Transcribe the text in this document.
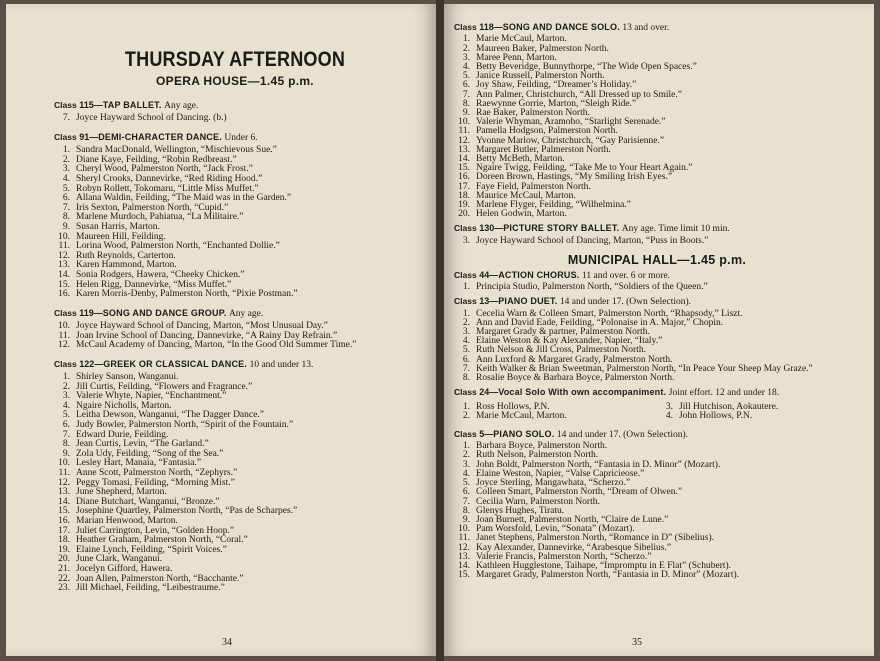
THURSDAY AFTERNOON
OPERA HOUSE—1.45 p.m.

Class 115—TAP BALLET. Any age.

7. Joyce Hayward School of Dancing. (b.)

Class 91—DEMI-CHARACTER DANCE. Under 6.

1. Sandra MacDonald, Wellington, “Mischievous Sue.”
2. Diane Kaye, Feilding, “Robin Redbreast.”
3. Cheryl Wood, Palmerston North, “Jack Frost.”
4. Sheryl Crooks, Dannevirke, “Red Riding Hood.”
5. Robyn Rollett, Tokomaru, “Little Miss Muffet.”
6. Allana Waldin, Feilding, “The Maid was in the Garden.”
7. Iris Sexton, Palmerston North, “Cupid.”
8. Marlene Murdoch, Pahiatua, “La Militaire.”
9. Susan Harris, Marton.
10. Maureen Hill, Feilding.
11. Lorina Wood, Palmerston North, “Enchanted Dollie.”
12. Ruth Reynolds, Carterton.
13. Karen Hammond, Marton.
14. Sonia Rodgers, Hawera, “Cheeky Chicken.”
15. Helen Rigg, Dannevirke, “Miss Muffet.”
16. Karen Morris-Denby, Palmerston North, “Pixie Postman.”

Class 119—SONG AND DANCE GROUP. Any age.

10. Joyce Hayward School of Dancing, Marton, “Most Unusual Day.”
11. Joan Irvine School of Dancing, Dannevirke, “A Rainy Day Refrain.”
12. McCaul Academy of Dancing, Marton, “In the Good Old Summer Time.”

Class 122—GREEK OR CLASSICAL DANCE. 10 and under 13.

1. Shirley Sanson, Wanganui.
2. Jill Curtis, Feilding, “Flowers and Fragrance.”
3. Valerie Whyte, Napier, “Enchantment.”
4. Ngaire Nicholls, Marton.
5. Leitha Dewson, Wanganui, “The Dagger Dance.”
6. Judy Bowler, Palmerston North, “Spirit of the Fountain.”
7. Edward Durie, Feilding.
8. Jean Curtis, Levin, “The Garland.”
9. Zola Udy, Feilding, “Song of the Sea.”
10. Lesley Hart, Manaia, “Fantasia.”
11. Anne Scott, Palmerston North, “Zephyrs.”
12. Peggy Tomasi, Feilding, “Morning Mist.”
13. June Shepherd, Marton.
14. Diane Butchart, Wanganui, “Bronze.”
15. Josephine Quartley, Palmerston North, “Pas de Scharpes.”
16. Marian Henwood, Marton.
17. Juliet Carrington, Levin, “Golden Hoop.”
18. Heather Graham, Palmerston North, “Coral.”
19. Elaine Lynch, Feilding, “Spirit Voices.”
20. June Clark, Wanganui.
21. Jocelyn Gifford, Hawera.
22. Joan Allen, Palmerston North, “Bacchante.”
23. Jill Michael, Feilding, “Leibestraume.”
34

Class 118—SONG AND DANCE SOLO. 13 and over.

1. Marie McCaul, Marton.
2. Maureen Baker, Palmerston North.
3. Maree Penn, Marton.
4. Betty Beveridge, Bunnythorpe, “The Wide Open Spaces.”
5. Janice Russell, Palmerston North.
6. Joy Shaw, Feilding, “Dreamer’s Holiday.”
7. Ann Palmer, Christchurch, “All Dressed up to Smile.”
8. Raewynne Gorrie, Marton, “Sleigh Ride.”
9. Rae Baker, Palmerston North.
10. Valerie Whyman, Aramoho, “Starlight Serenade.”
11. Pamella Hodgson, Palmerston North.
12. Yvonne Marlow, Christchurch, “Gay Parisienne.”
13. Margaret Butler, Palmerston North.
14. Betty McBeth, Marton.
15. Ngaire Twigg, Feilding, “Take Me to Your Heart Again.”
16. Doreen Brown, Hastings, “My Smiling Irish Eyes.”
17. Faye Field, Palmerston North.
18. Maurice McCaul, Marton.
19. Marlene Flyger, Feilding, “Wilhelmina.”
20. Helen Godwin, Marton.

Class 130—PICTURE STORY BALLET. Any age. Time limit 10 min.

3. Joyce Hayward School of Dancing, Marton, “Puss in Boots.”
MUNICIPAL HALL—1.45 p.m.

Class 44—ACTION CHORUS. 11 and over. 6 or more.

1. Principia Studio, Palmerston North, “Soldiers of the Queen.”

Class 13—PIANO DUET. 14 and under 17. (Own Selection).

1. Cecelia Warn & Colleen Smart, Palmerston North, “Rhapsody,” Liszt.
2. Ann and David Eade, Feilding, “Polonaise in A. Major,” Chopin.
3. Margaret Grady & partner, Palmerston North.
4. Elaine Weston & Kay Alexander, Napier, “Italy.”
5. Ruth Nelson & Jill Cross, Palmerston North.
6. Ann Luxford & Margaret Grady, Palmerston North.
7. Keith Walker & Brian Sweetman, Palmerston North, “In Peace Your Sheep May Graze.”
8. Rosalie Boyce & Barbara Boyce, Palmerston North.

Class 24—Vocal Solo With own accompaniment. Joint effort. 12 and under 18.

1. Ross Hollows, P.N.
2. Marie McCaul, Marton.
3. Jill Hutchison, Aokautere.
4. John Hollows, P.N.

Class 5—PIANO SOLO. 14 and under 17. (Own Selection).

1. Barbara Boyce, Palmerston North.
2. Ruth Nelson, Palmerston North.
3. John Boldt, Palmerston North, “Fantasia in D. Minor” (Mozart).
4. Elaine Weston, Napier, “Valse Capricieose.”
5. Joyce Sterling, Mangawhata, “Scherzo.”
6. Colleen Smart, Palmerston North, “Dream of Olwen.”
7. Cecilia Warn, Palmerston North.
8. Glenys Hughes, Tiratu.
9. Joan Burnett, Palmerston North, “Claire de Lune.”
10. Pam Worsfold, Levin, “Sonata” (Mozart).
11. Janet Stephens, Palmerston North, “Romance in D” (Sibelius).
12. Kay Alexander, Dannevirke, “Arabesque Sibelius.”
13. Valerie Francis, Palmerston North, “Scherzo.”
14. Kathleen Hugglestone, Taihape, “Impromptu in E Flat” (Schubert).
15. Margaret Grady, Palmerston North, “Fantasia in D. Minor” (Mozart).
35
